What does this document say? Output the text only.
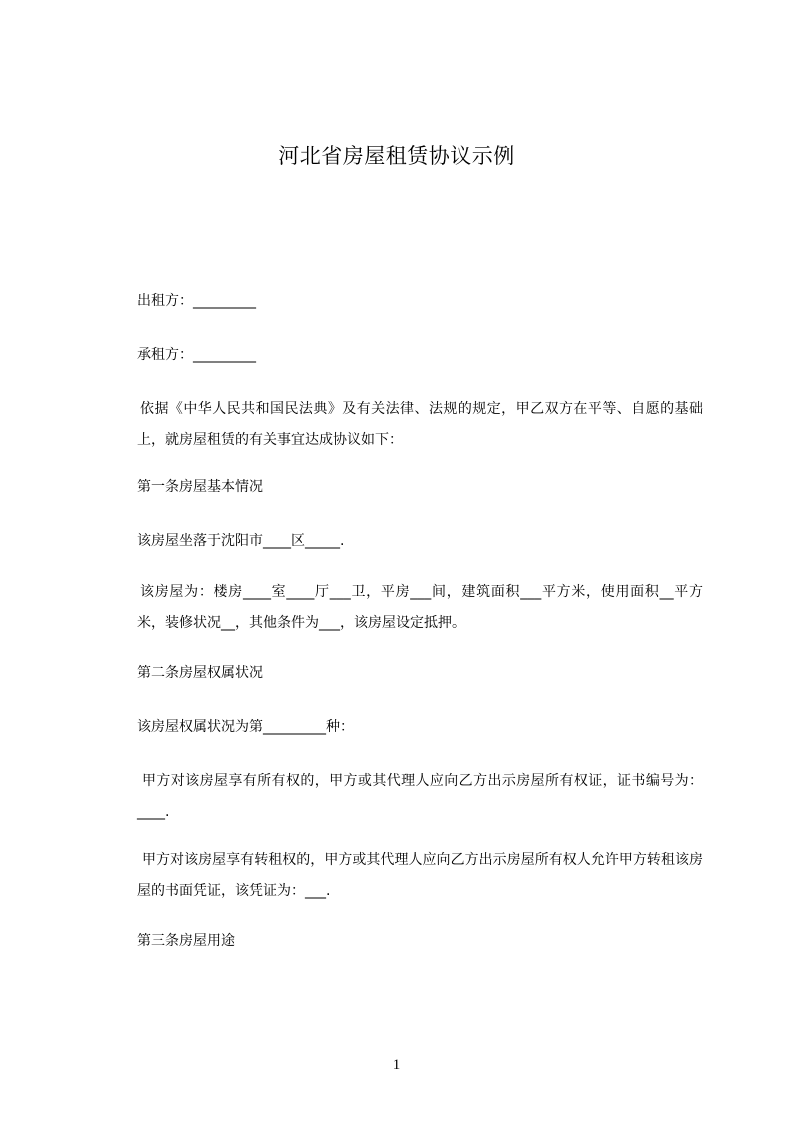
河北省房屋租赁协议示例
出租方：_________
承租方：_________
依据《中华人民共和国民法典》及有关法律、法规的规定，甲乙双方在平等、自愿的基础上，就房屋租赁的有关事宜达成协议如下：
第一条房屋基本情况
该房屋坐落于沈阳市____区_____.
该房屋为：楼房____室____厅___卫，平房___间，建筑面积___平方米，使用面积__平方米，装修状况__，其他条件为___，该房屋设定抵押。
第二条房屋权属状况
该房屋权属状况为第_________种：
甲方对该房屋享有所有权的，甲方或其代理人应向乙方出示房屋所有权证，证书编号为：____.
甲方对该房屋享有转租权的，甲方或其代理人应向乙方出示房屋所有权人允许甲方转租该房屋的书面凭证，该凭证为：___.
第三条房屋用途
1
